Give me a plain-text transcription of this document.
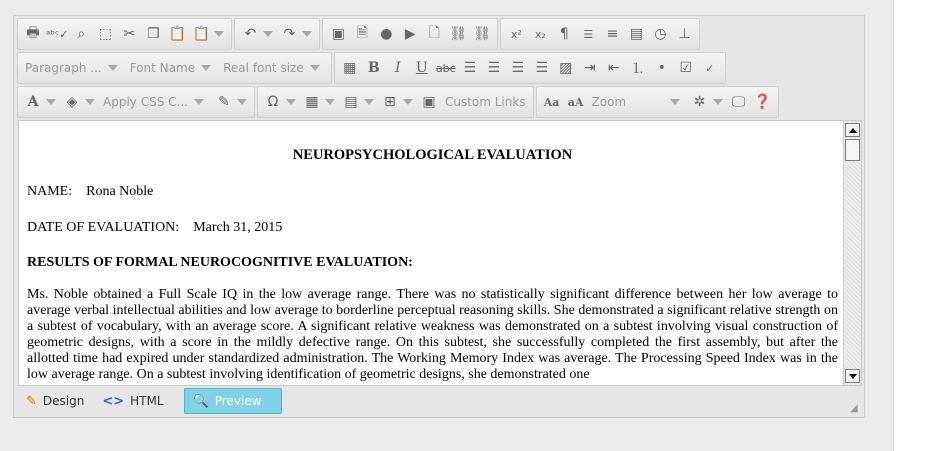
🖶 ᵃᵇᶜ✓ ⌕ ⬚ ✂ ❐ 📋 📋	↶	↷	▣ 🗎 ● ▶ 🗋 ⛓ ⛓	x²	x₂	¶	☰ ≡ ▤ ◷ ⊥
Paragraph ... Font Name Real font size	▦ B	I	U abc ☰ ☰ ☰ ☰ ▨ ⇥ ⇤ ⒈ • ☑	✓
A	◈	Apply CSS C...	✎	Ω	▦	▤	⊞	▣ Custom Links Aa aA Zoom	✲	🖵 ❓
NEUROPSYCHOLOGICAL EVALUATION
NAME: Rona Noble
DATE OF EVALUATION: March 31, 2015
RESULTS OF FORMAL NEUROCOGNITIVE EVALUATION:
Ms. Noble obtained a Full Scale IQ in the low average range. There was no statistically significant difference between her low average to average verbal intellectual abilities and low average to borderline perceptual reasoning skills. She demonstrated a significant relative strength on a subtest of vocabulary, with an average score. A significant relative weakness was demonstrated on a subtest involving visual construction of geometric designs, with a score in the mildly defective range. On this subtest, she successfully completed the first assembly, but after the allotted time had expired under standardized administration. The Working Memory Index was average. The Processing Speed Index was in the low average range. On a subtest involving identification of geometric designs, she demonstrated one
✎ Design <> HTML 🔍 Preview
◢
